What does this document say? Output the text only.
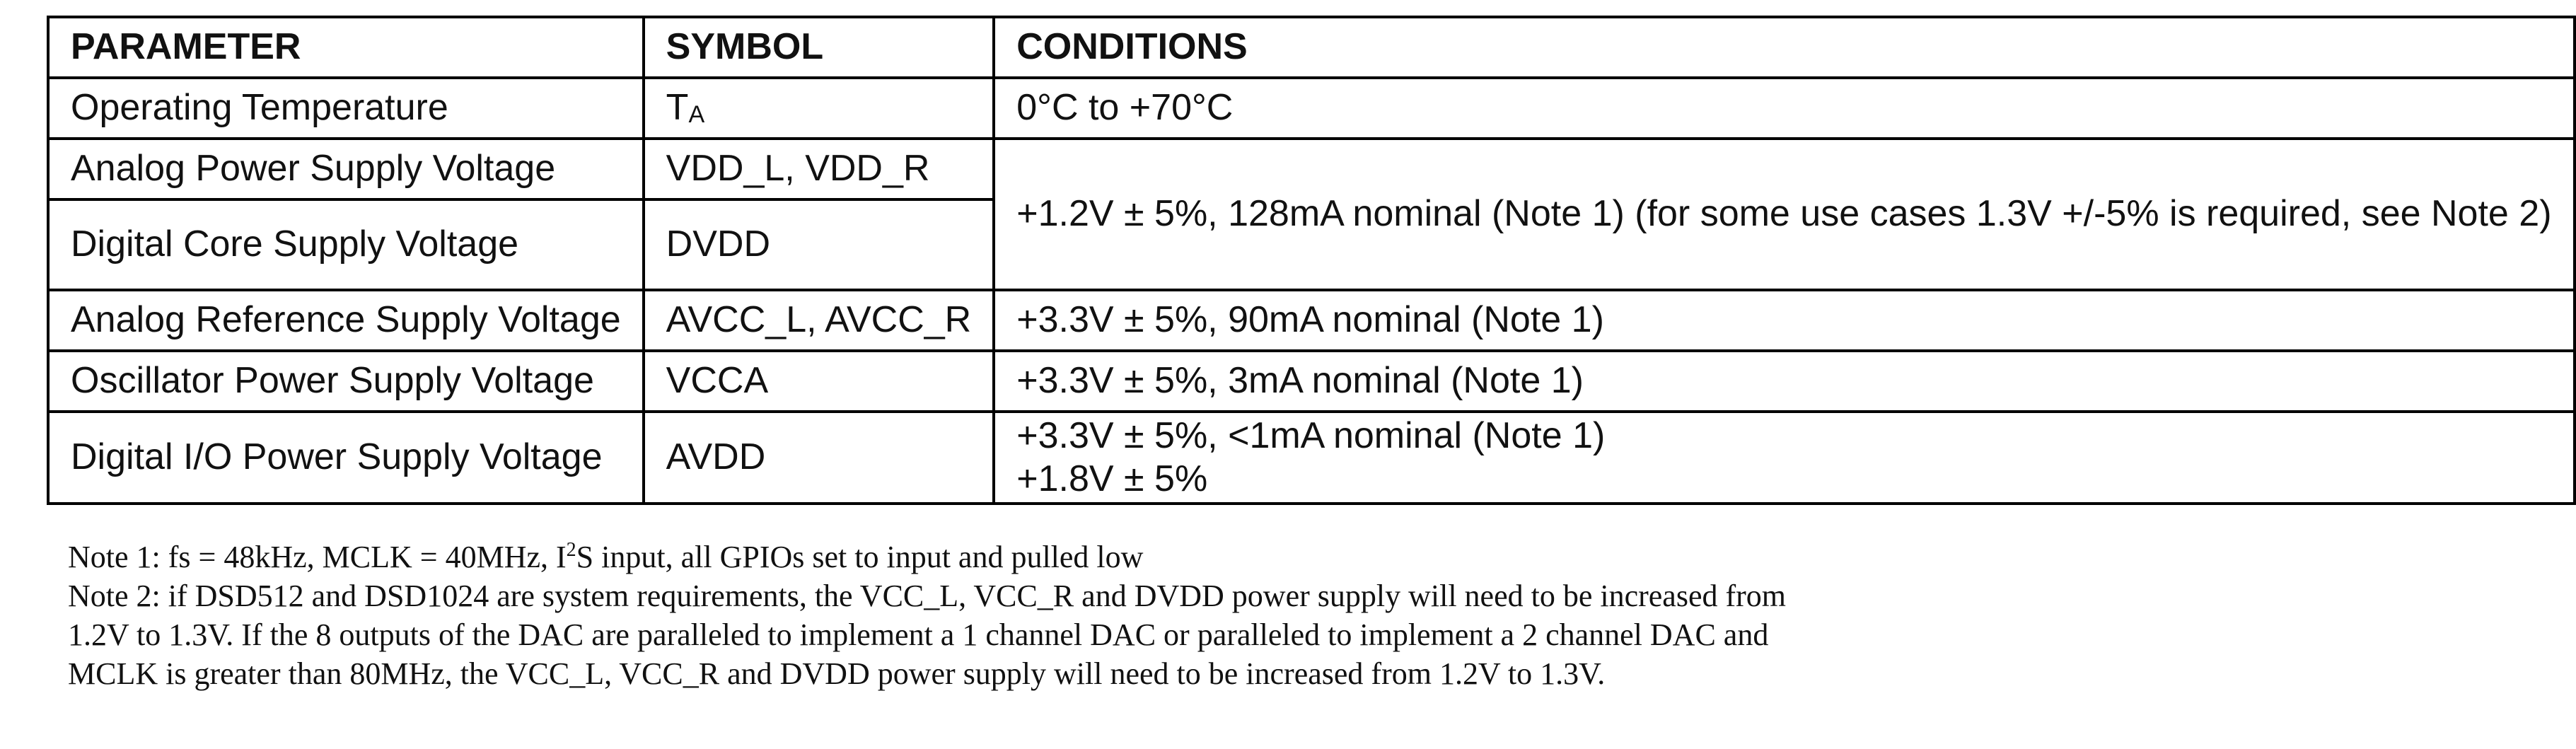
PARAMETER	SYMBOL	CONDITIONS
Operating Temperature	$T_A$	0°C to +70°C
Analog Power Supply Voltage	VDD_L, VDD_R	+1.2V ± 5%, 128mA nominal (Note 1) (for some use cases 1.3V +/-5% is required, see Note 2)
Digital Core Supply Voltage	DVDD	
Analog Reference Supply Voltage	AVCC_L, AVCC_R	+3.3V ± 5%, 90mA nominal (Note 1)
Oscillator Power Supply Voltage	VCCA	+3.3V ± 5%, 3mA nominal (Note 1)
Digital I/O Power Supply Voltage	AVDD	+3.3V ± 5%, <1mA nominal (Note 1)
+1.8V ± 5%

Note 1: fs = 48kHz, MCLK = 40MHz, $I^2S$ input, all GPIOs set to input and pulled low

Note 2: if DSD512 and DSD1024 are system requirements, the VCC_L, VCC_R and DVDD power supply will need to be increased from 1.2V to 1.3V. If the 8 outputs of the DAC are paralleled to implement a 1 channel DAC or paralleled to implement a 2 channel DAC and MCLK is greater than 80MHz, the VCC_L, VCC_R and DVDD power supply will need to be increased from 1.2V to 1.3V.
